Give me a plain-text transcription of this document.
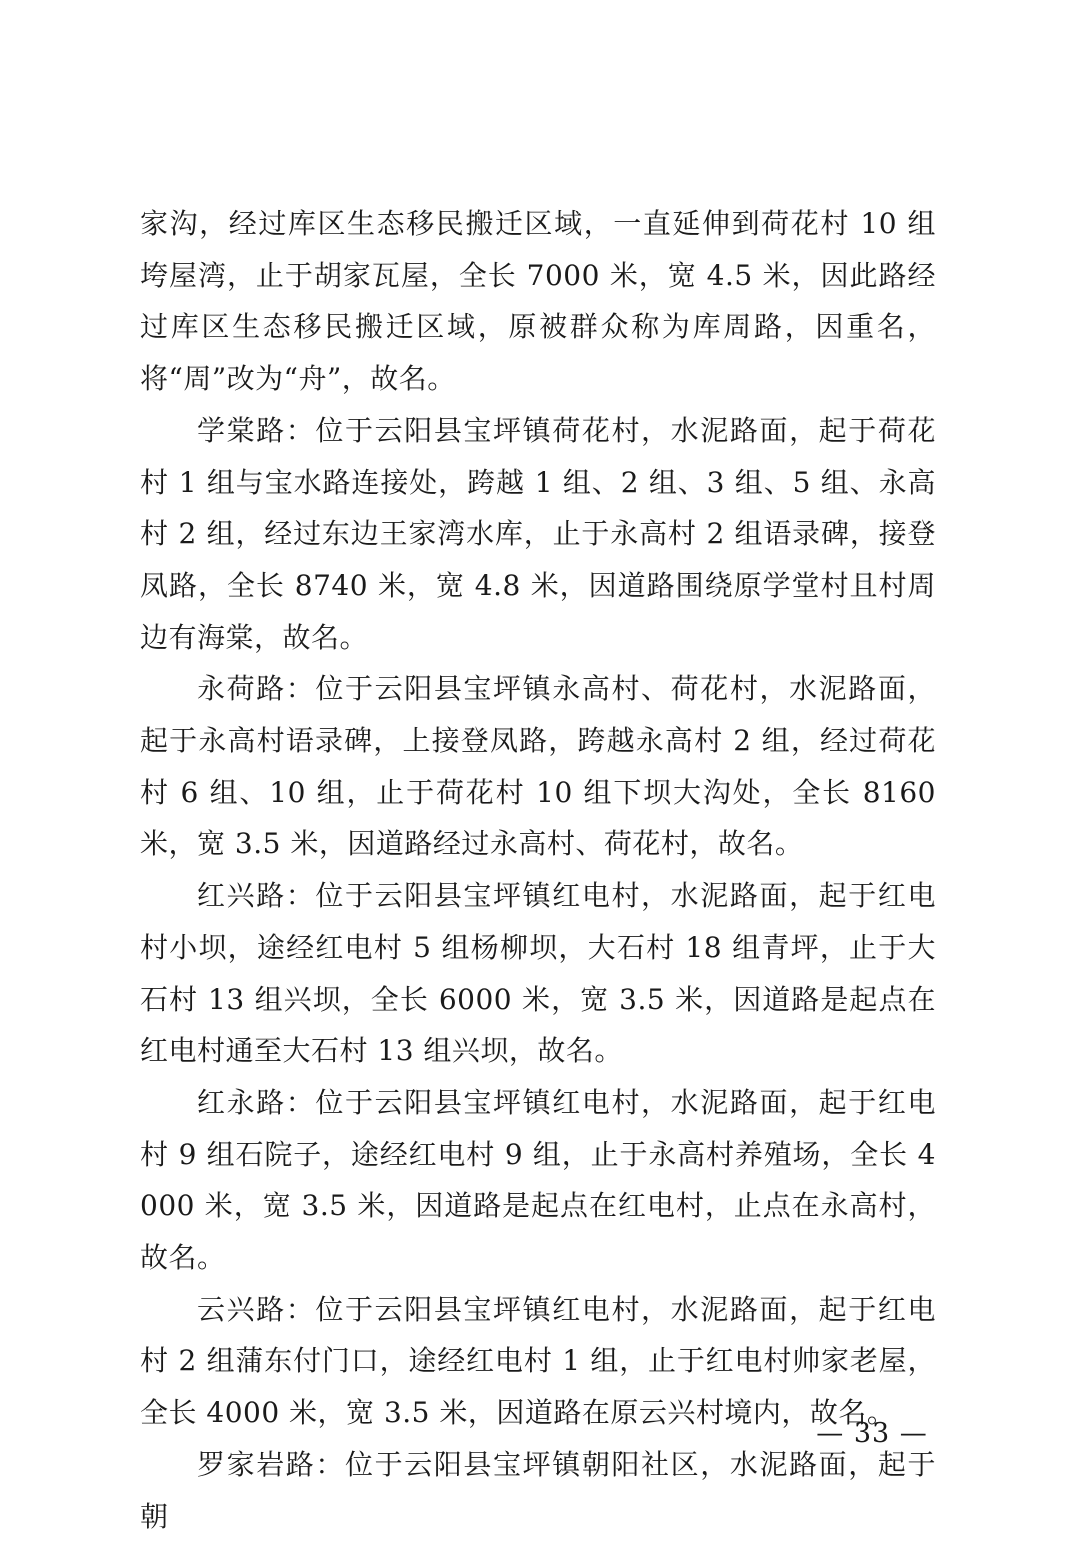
家沟，经过库区生态移民搬迁区域，一直延伸到荷花村 10 组垮屋湾，止于胡家瓦屋，全长 7000 米，宽 4.5 米，因此路经过库区生态移民搬迁区域，原被群众称为库周路，因重名，将“周”改为“舟”，故名。

学棠路：位于云阳县宝坪镇荷花村，水泥路面，起于荷花村 1 组与宝水路连接处，跨越 1 组、2 组、3 组、5 组、永高村 2 组，经过东边王家湾水库，止于永高村 2 组语录碑，接登凤路，全长 8740 米，宽 4.8 米，因道路围绕原学堂村且村周边有海棠，故名。

永荷路：位于云阳县宝坪镇永高村、荷花村，水泥路面，起于永高村语录碑，上接登凤路，跨越永高村 2 组，经过荷花村 6 组、10 组，止于荷花村 10 组下坝大沟处，全长 8160 米，宽 3.5 米，因道路经过永高村、荷花村，故名。

红兴路：位于云阳县宝坪镇红电村，水泥路面，起于红电村小坝，途经红电村 5 组杨柳坝，大石村 18 组青坪，止于大石村 13 组兴坝，全长 6000 米，宽 3.5 米，因道路是起点在红电村通至大石村 13 组兴坝，故名。

红永路：位于云阳县宝坪镇红电村，水泥路面，起于红电村 9 组石院子，途经红电村 9 组，止于永高村养殖场，全长 4000 米，宽 3.5 米，因道路是起点在红电村，止点在永高村，故名。

云兴路：位于云阳县宝坪镇红电村，水泥路面，起于红电村 2 组蒲东付门口，途经红电村 1 组，止于红电村帅家老屋，全长 4000 米，宽 3.5 米，因道路在原云兴村境内，故名。

罗家岩路：位于云阳县宝坪镇朝阳社区，水泥路面，起于朝

— 33 —
